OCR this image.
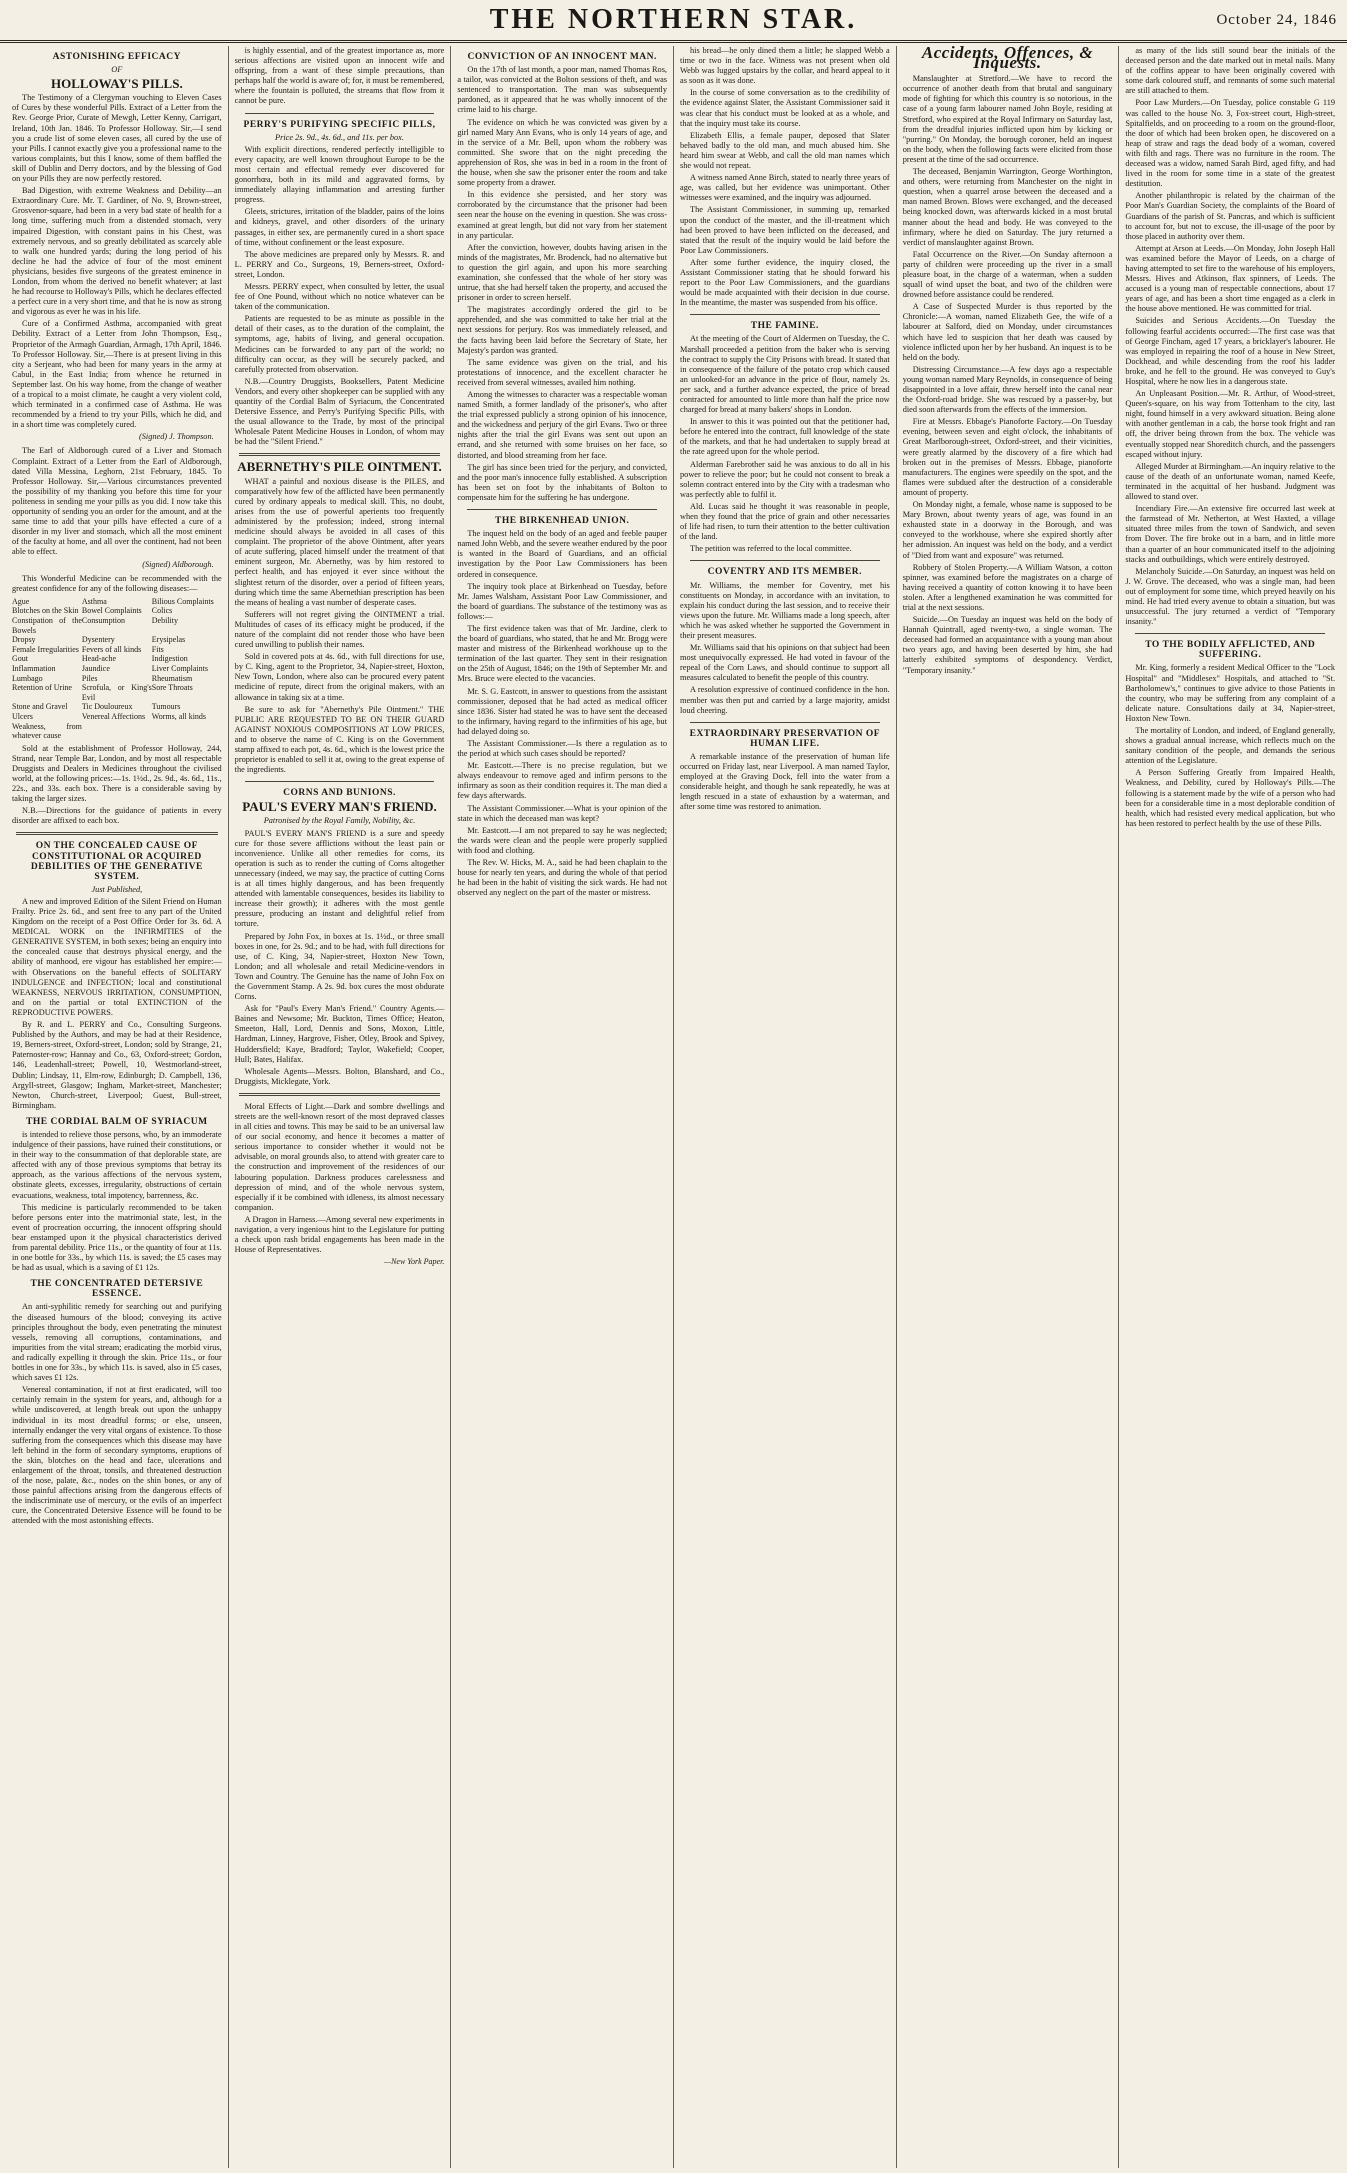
THE NORTHERN STAR.	October 24, 1846
ASTONISHING EFFICACY
OF
HOLLOWAY'S PILLS.

The Testimony of a Clergyman vouching to Eleven Cases of Cures by these wonderful Pills. Extract of a Letter from the Rev. George Prior, Curate of Mewgh, Letter Kenny, Carrigart, Ireland, 10th Jan. 1846. To Professor Holloway. Sir,—I send you a crude list of some eleven cases, all cured by the use of your Pills. I cannot exactly give you a professional name to the various complaints, but this I know, some of them baffled the skill of Dublin and Derry doctors, and by the blessing of God on your Pills they are now perfectly restored.

Bad Digestion, with extreme Weakness and Debility—an Extraordinary Cure. Mr. T. Gardiner, of No. 9, Brown-street, Grosvenor-square, had been in a very bad state of health for a long time, suffering much from a distended stomach, very impaired Digestion, with constant pains in his Chest, was extremely nervous, and so greatly debilitated as scarcely able to walk one hundred yards; during the long period of his decline he had the advice of four of the most eminent physicians, besides five surgeons of the greatest eminence in London, from whom the derived no benefit whatever; at last he had recourse to Holloway's Pills, which he declares effected a perfect cure in a very short time, and that he is now as strong and vigorous as ever he was in his life.

Cure of a Confirmed Asthma, accompanied with great Debility. Extract of a Letter from John Thompson, Esq., Proprietor of the Armagh Guardian, Armagh, 17th April, 1846. To Professor Holloway. Sir,—There is at present living in this city a Serjeant, who had been for many years in the army at Cabul, in the East India; from whence he returned in September last. On his way home, from the change of weather of a tropical to a moist climate, he caught a very violent cold, which terminated in a confirmed case of Asthma. He was recommended by a friend to try your Pills, which he did, and in a short time was completely cured.

(Signed) J. Thompson.

The Earl of Aldborough cured of a Liver and Stomach Complaint. Extract of a Letter from the Earl of Aldborough, dated Villa Messina, Leghorn, 21st February, 1845. To Professor Holloway. Sir,—Various circumstances prevented the possibility of my thanking you before this time for your politeness in sending me your pills as you did. I now take this opportunity of sending you an order for the amount, and at the same time to add that your pills have effected a cure of a disorder in my liver and stomach, which all the most eminent of the faculty at home, and all over the continent, had not been able to effect.

(Signed) Aldborough.

This Wonderful Medicine can be recommended with the greatest confidence for any of the following diseases:—

Ague	Asthma	Bilious Complaints
Blotches on the Skin Bowel Complaints	Colics
Constipation of the Bowels
Consumption	Debility
Dropsy	Dysentery	Erysipelas
Female Irregularities Fevers of all kinds	Fits
Gout	Head-ache	Indigestion
Inflammation	Jaundice	Liver Complaints
Lumbago	Piles	Rheumatism
Retention of Urine	Scrofula, or King's Evil
Sore Throats
Stone and Gravel	Tic Douloureux	Tumours
Ulcers	Venereal Affections Worms, all kinds
Weakness, from whatever cause

Sold at the establishment of Professor Holloway, 244, Strand, near Temple Bar, London, and by most all respectable Druggists and Dealers in Medicines throughout the civilised world, at the following prices:—1s. 1½d., 2s. 9d., 4s. 6d., 11s., 22s., and 33s. each box. There is a considerable saving by taking the larger sizes.

N.B.—Directions for the guidance of patients in every disorder are affixed to each box.

ON THE CONCEALED CAUSE OF CONSTITUTIONAL OR ACQUIRED DEBILITIES OF THE GENERATIVE SYSTEM.
Just Published,

A new and improved Edition of the Silent Friend on Human Frailty. Price 2s. 6d., and sent free to any part of the United Kingdom on the receipt of a Post Office Order for 3s. 6d. A MEDICAL WORK on the INFIRMITIES of the GENERATIVE SYSTEM, in both sexes; being an enquiry into the concealed cause that destroys physical energy, and the ability of manhood, ere vigour has established her empire:—with Observations on the baneful effects of SOLITARY INDULGENCE and INFECTION; local and constitutional WEAKNESS, NERVOUS IRRITATION, CONSUMPTION, and on the partial or total EXTINCTION of the REPRODUCTIVE POWERS.

By R. and L. PERRY and Co., Consulting Surgeons. Published by the Authors, and may be had at their Residence, 19, Berners-street, Oxford-street, London; sold by Strange, 21, Paternoster-row; Hannay and Co., 63, Oxford-street; Gordon, 146, Leadenhall-street; Powell, 10, Westmorland-street, Dublin; Lindsay, 11, Elm-row, Edinburgh; D. Campbell, 136, Argyll-street, Glasgow; Ingham, Market-street, Manchester; Newton, Church-street, Liverpool; Guest, Bull-street, Birmingham.

THE CORDIAL BALM OF SYRIACUM

is intended to relieve those persons, who, by an immoderate indulgence of their passions, have ruined their constitutions, or in their way to the consummation of that deplorable state, are affected with any of those previous symptoms that betray its approach, as the various affections of the nervous system, obstinate gleets, excesses, irregularity, obstructions of certain evacuations, weakness, total impotency, barrenness, &c.

This medicine is particularly recommended to be taken before persons enter into the matrimonial state, lest, in the event of procreation occurring, the innocent offspring should bear enstamped upon it the physical characteristics derived from parental debility. Price 11s., or the quantity of four at 11s. in one bottle for 33s., by which 11s. is saved; the £5 cases may be had as usual, which is a saving of £1 12s.

THE CONCENTRATED DETERSIVE ESSENCE.

An anti-syphilitic remedy for searching out and purifying the diseased humours of the blood; conveying its active principles throughout the body, even penetrating the minutest vessels, removing all corruptions, contaminations, and impurities from the vital stream; eradicating the morbid virus, and radically expelling it through the skin. Price 11s., or four bottles in one for 33s., by which 11s. is saved, also in £5 cases, which saves £1 12s.

Venereal contamination, if not at first eradicated, will too certainly remain in the system for years, and, although for a while undiscovered, at length break out upon the unhappy individual in its most dreadful forms; or else, unseen, internally endanger the very vital organs of existence. To those suffering from the consequences which this disease may have left behind in the form of secondary symptoms, eruptions of the skin, blotches on the head and face, ulcerations and enlargement of the throat, tonsils, and threatened destruction of the nose, palate, &c., nodes on the shin bones, or any of those painful affections arising from the dangerous effects of the indiscriminate use of mercury, or the evils of an imperfect cure, the Concentrated Detersive Essence will be found to be attended with the most astonishing effects.

is highly essential, and of the greatest importance as, more serious affections are visited upon an innocent wife and offspring, from a want of these simple precautions, than perhaps half the world is aware of; for, it must be remembered, where the fountain is polluted, the streams that flow from it cannot be pure.

PERRY'S PURIFYING SPECIFIC PILLS,
Price 2s. 9d., 4s. 6d., and 11s. per box.

With explicit directions, rendered perfectly intelligible to every capacity, are well known throughout Europe to be the most certain and effectual remedy ever discovered for gonorrhœa, both in its mild and aggravated forms, by immediately allaying inflammation and arresting further progress.

Gleets, strictures, irritation of the bladder, pains of the loins and kidneys, gravel, and other disorders of the urinary passages, in either sex, are permanently cured in a short space of time, without confinement or the least exposure.

The above medicines are prepared only by Messrs. R. and L. PERRY and Co., Surgeons, 19, Berners-street, Oxford-street, London.

Messrs. PERRY expect, when consulted by letter, the usual fee of One Pound, without which no notice whatever can be taken of the communication.

Patients are requested to be as minute as possible in the detail of their cases, as to the duration of the complaint, the symptoms, age, habits of living, and general occupation. Medicines can be forwarded to any part of the world; no difficulty can occur, as they will be securely packed, and carefully protected from observation.

N.B.—Country Druggists, Booksellers, Patent Medicine Vendors, and every other shopkeeper can be supplied with any quantity of the Cordial Balm of Syriacum, the Concentrated Detersive Essence, and Perry's Purifying Specific Pills, with the usual allowance to the Trade, by most of the principal Wholesale Patent Medicine Houses in London, of whom may be had the "Silent Friend."

ABERNETHY'S PILE OINTMENT.

WHAT a painful and noxious disease is the PILES, and comparatively how few of the afflicted have been permanently cured by ordinary appeals to medical skill. This, no doubt, arises from the use of powerful aperients too frequently administered by the profession; indeed, strong internal medicine should always be avoided in all cases of this complaint. The proprietor of the above Ointment, after years of acute suffering, placed himself under the treatment of that eminent surgeon, Mr. Abernethy, was by him restored to perfect health, and has enjoyed it ever since without the slightest return of the disorder, over a period of fifteen years, during which time the same Abernethian prescription has been the means of healing a vast number of desperate cases.

Sufferers will not regret giving the OINTMENT a trial. Multitudes of cases of its efficacy might be produced, if the nature of the complaint did not render those who have been cured unwilling to publish their names.

Sold in covered pots at 4s. 6d., with full directions for use, by C. King, agent to the Proprietor, 34, Napier-street, Hoxton, New Town, London, where also can be procured every patent medicine of repute, direct from the original makers, with an allowance in taking six at a time.

Be sure to ask for "Abernethy's Pile Ointment." THE PUBLIC ARE REQUESTED TO BE ON THEIR GUARD AGAINST NOXIOUS COMPOSITIONS AT LOW PRICES, and to observe the name of C. King is on the Government stamp affixed to each pot, 4s. 6d., which is the lowest price the proprietor is enabled to sell it at, owing to the great expense of the ingredients.

CORNS AND BUNIONS.
PAUL'S EVERY MAN'S FRIEND.
Patronised by the Royal Family, Nobility, &c.

PAUL'S EVERY MAN'S FRIEND is a sure and speedy cure for those severe afflictions without the least pain or inconvenience. Unlike all other remedies for corns, its operation is such as to render the cutting of Corns altogether unnecessary (indeed, we may say, the practice of cutting Corns is at all times highly dangerous, and has been frequently attended with lamentable consequences, besides its liability to increase their growth); it adheres with the most gentle pressure, producing an instant and delightful relief from torture.

Prepared by John Fox, in boxes at 1s. 1½d., or three small boxes in one, for 2s. 9d.; and to be had, with full directions for use, of C. King, 34, Napier-street, Hoxton New Town, London; and all wholesale and retail Medicine-vendors in Town and Country. The Genuine has the name of John Fox on the Government Stamp. A 2s. 9d. box cures the most obdurate Corns.

Ask for "Paul's Every Man's Friend." Country Agents.—Baines and Newsome; Mr. Buckton, Times Office; Heaton, Smeeton, Hall, Lord, Dennis and Sons, Moxon, Little, Hardman, Linney, Hargrove, Fisher, Otley, Brook and Spivey, Huddersfield; Kaye, Bradford; Taylor, Wakefield; Cooper, Hull; Bates, Halifax.

Wholesale Agents—Messrs. Bolton, Blanshard, and Co., Druggists, Micklegate, York.

Moral Effects of Light.—Dark and sombre dwellings and streets are the well-known resort of the most depraved classes in all cities and towns. This may be said to be an universal law of our social economy, and hence it becomes a matter of serious importance to consider whether it would not be advisable, on moral grounds also, to attend with greater care to the construction and improvement of the residences of our labouring population. Darkness produces carelessness and depression of mind, and of the whole nervous system, especially if it be combined with idleness, its almost necessary companion.

A Dragon in Harness.—Among several new experiments in navigation, a very ingenious hint to the Legislature for putting a check upon rash bridal engagements has been made in the House of Representatives.

—New York Paper.
CONVICTION OF AN INNOCENT MAN.

On the 17th of last month, a poor man, named Thomas Ros, a tailor, was convicted at the Bolton sessions of theft, and was sentenced to transportation. The man was subsequently pardoned, as it appeared that he was wholly innocent of the crime laid to his charge.

The evidence on which he was convicted was given by a girl named Mary Ann Evans, who is only 14 years of age, and in the service of a Mr. Bell, upon whom the robbery was committed. She swore that on the night preceding the apprehension of Ros, she was in bed in a room in the front of the house, when she saw the prisoner enter the room and take some property from a drawer.

In this evidence she persisted, and her story was corroborated by the circumstance that the prisoner had been seen near the house on the evening in question. She was cross-examined at great length, but did not vary from her statement in any particular.

After the conviction, however, doubts having arisen in the minds of the magistrates, Mr. Brodenck, had no alternative but to question the girl again, and upon his more searching examination, she confessed that the whole of her story was untrue, that she had herself taken the property, and accused the prisoner in order to screen herself.

The magistrates accordingly ordered the girl to be apprehended, and she was committed to take her trial at the next sessions for perjury. Ros was immediately released, and the facts having been laid before the Secretary of State, her Majesty's pardon was granted.

The same evidence was given on the trial, and his protestations of innocence, and the excellent character he received from several witnesses, availed him nothing.

Among the witnesses to character was a respectable woman named Smith, a former landlady of the prisoner's, who after the trial expressed publicly a strong opinion of his innocence, and the wickedness and perjury of the girl Evans. Two or three nights after the trial the girl Evans was sent out upon an errand, and she returned with some bruises on her face, so distorted, and blood streaming from her face.

The girl has since been tried for the perjury, and convicted, and the poor man's innocence fully established. A subscription has been set on foot by the inhabitants of Bolton to compensate him for the suffering he has undergone.

THE BIRKENHEAD UNION.

The inquest held on the body of an aged and feeble pauper named John Webb, and the severe weather endured by the poor is wanted in the Board of Guardians, and an official investigation by the Poor Law Commissioners has been ordered in consequence.

The inquiry took place at Birkenhead on Tuesday, before Mr. James Walsham, Assistant Poor Law Commissioner, and the board of guardians. The substance of the testimony was as follows:—

The first evidence taken was that of Mr. Jardine, clerk to the board of guardians, who stated, that he and Mr. Brogg were master and mistress of the Birkenhead workhouse up to the termination of the last quarter. They sent in their resignation on the 25th of August, 1846; on the 19th of September Mr. and Mrs. Bruce were elected to the vacancies.

Mr. S. G. Eastcott, in answer to questions from the assistant commissioner, deposed that he had acted as medical officer since 1836. Sister had stated he was to have sent the deceased to the infirmary, having regard to the infirmities of his age, but had delayed doing so.

The Assistant Commissioner.—Is there a regulation as to the period at which such cases should be reported?

Mr. Eastcott.—There is no precise regulation, but we always endeavour to remove aged and infirm persons to the infirmary as soon as their condition requires it. The man died a few days afterwards.

The Assistant Commissioner.—What is your opinion of the state in which the deceased man was kept?

Mr. Eastcott.—I am not prepared to say he was neglected; the wards were clean and the people were properly supplied with food and clothing.

The Rev. W. Hicks, M. A., said he had been chaplain to the house for nearly ten years, and during the whole of that period he had been in the habit of visiting the sick wards. He had not observed any neglect on the part of the master or mistress.

his bread—he only dined them a little; he slapped Webb a time or two in the face. Witness was not present when old Webb was lugged upstairs by the collar, and heard appeal to it as soon as it was done.

In the course of some conversation as to the credibility of the evidence against Slater, the Assistant Commissioner said it was clear that his conduct must be looked at as a whole, and that the inquiry must take its course.

Elizabeth Ellis, a female pauper, deposed that Slater behaved badly to the old man, and much abused him. She heard him swear at Webb, and call the old man names which she would not repeat.

A witness named Anne Birch, stated to nearly three years of age, was called, but her evidence was unimportant. Other witnesses were examined, and the inquiry was adjourned.

The Assistant Commissioner, in summing up, remarked upon the conduct of the master, and the ill-treatment which had been proved to have been inflicted on the deceased, and stated that the result of the inquiry would be laid before the Poor Law Commissioners.

After some further evidence, the inquiry closed, the Assistant Commissioner stating that he should forward his report to the Poor Law Commissioners, and the guardians would be made acquainted with their decision in due course. In the meantime, the master was suspended from his office.

THE FAMINE.

At the meeting of the Court of Aldermen on Tuesday, the C. Marshall proceeded a petition from the baker who is serving the contract to supply the City Prisons with bread. It stated that in consequence of the failure of the potato crop which caused an unlooked-for an advance in the price of flour, namely 2s. per sack, and a further advance expected, the price of bread contracted for amounted to little more than half the price now charged for bread at many bakers' shops in London.

In answer to this it was pointed out that the petitioner had, before he entered into the contract, full knowledge of the state of the markets, and that he had undertaken to supply bread at the rate agreed upon for the whole period.

Alderman Farebrother said he was anxious to do all in his power to relieve the poor; but he could not consent to break a solemn contract entered into by the City with a tradesman who was perfectly able to fulfil it.

Ald. Lucas said he thought it was reasonable in people, when they found that the price of grain and other necessaries of life had risen, to turn their attention to the better cultivation of the land.

The petition was referred to the local committee.

COVENTRY AND ITS MEMBER.

Mr. Williams, the member for Coventry, met his constituents on Monday, in accordance with an invitation, to explain his conduct during the last session, and to receive their views upon the future. Mr. Williams made a long speech, after which he was asked whether he supported the Government in their present measures.

Mr. Williams said that his opinions on that subject had been most unequivocally expressed. He had voted in favour of the repeal of the Corn Laws, and should continue to support all measures calculated to benefit the people of this country.

A resolution expressive of continued confidence in the hon. member was then put and carried by a large majority, amidst loud cheering.

EXTRAORDINARY PRESERVATION OF HUMAN LIFE.

A remarkable instance of the preservation of human life occurred on Friday last, near Liverpool. A man named Taylor, employed at the Graving Dock, fell into the water from a considerable height, and though he sank repeatedly, he was at length rescued in a state of exhaustion by a waterman, and after some time was restored to animation.

Accidents, Offences, & Inquests.

Manslaughter at Stretford.—We have to record the occurrence of another death from that brutal and sanguinary mode of fighting for which this country is so notorious, in the case of a young farm labourer named John Boyle, residing at Stretford, who expired at the Royal Infirmary on Saturday last, from the dreadful injuries inflicted upon him by kicking or "purring." On Monday, the borough coroner, held an inquest on the body, when the following facts were elicited from those present at the time of the sad occurrence.

The deceased, Benjamin Warrington, George Worthington, and others, were returning from Manchester on the night in question, when a quarrel arose between the deceased and a man named Brown. Blows were exchanged, and the deceased being knocked down, was afterwards kicked in a most brutal manner about the head and body. He was conveyed to the infirmary, where he died on Saturday. The jury returned a verdict of manslaughter against Brown.

Fatal Occurrence on the River.—On Sunday afternoon a party of children were proceeding up the river in a small pleasure boat, in the charge of a waterman, when a sudden squall of wind upset the boat, and two of the children were drowned before assistance could be rendered.

A Case of Suspected Murder is thus reported by the Chronicle:—A woman, named Elizabeth Gee, the wife of a labourer at Salford, died on Monday, under circumstances which have led to suspicion that her death was caused by violence inflicted upon her by her husband. An inquest is to be held on the body.

Distressing Circumstance.—A few days ago a respectable young woman named Mary Reynolds, in consequence of being disappointed in a love affair, threw herself into the canal near the Oxford-road bridge. She was rescued by a passer-by, but died soon afterwards from the effects of the immersion.

Fire at Messrs. Ebbage's Pianoforte Factory.—On Tuesday evening, between seven and eight o'clock, the inhabitants of Great Marlborough-street, Oxford-street, and their vicinities, were greatly alarmed by the discovery of a fire which had broken out in the premises of Messrs. Ebbage, pianoforte manufacturers. The engines were speedily on the spot, and the flames were subdued after the destruction of a considerable amount of property.

On Monday night, a female, whose name is supposed to be Mary Brown, about twenty years of age, was found in an exhausted state in a doorway in the Borough, and was conveyed to the workhouse, where she expired shortly after her admission. An inquest was held on the body, and a verdict of "Died from want and exposure" was returned.

Robbery of Stolen Property.—A William Watson, a cotton spinner, was examined before the magistrates on a charge of having received a quantity of cotton knowing it to have been stolen. After a lengthened examination he was committed for trial at the next sessions.

Suicide.—On Tuesday an inquest was held on the body of Hannah Quintrall, aged twenty-two, a single woman. The deceased had formed an acquaintance with a young man about two years ago, and having been deserted by him, she had latterly exhibited symptoms of despondency. Verdict, "Temporary insanity."

as many of the lids still sound bear the initials of the deceased person and the date marked out in metal nails. Many of the coffins appear to have been originally covered with some dark coloured stuff, and remnants of some such material are still attached to them.

Poor Law Murders.—On Tuesday, police constable G 119 was called to the house No. 3, Fox-street court, High-street, Spitalfields, and on proceeding to a room on the ground-floor, the door of which had been broken open, he discovered on a heap of straw and rags the dead body of a woman, covered with filth and rags. There was no furniture in the room. The deceased was a widow, named Sarah Bird, aged fifty, and had lived in the room for some time in a state of the greatest destitution.

Another philanthropic is related by the chairman of the Poor Man's Guardian Society, the complaints of the Board of Guardians of the parish of St. Pancras, and which is sufficient to account for, but not to excuse, the ill-usage of the poor by those placed in authority over them.

Attempt at Arson at Leeds.—On Monday, John Joseph Hall was examined before the Mayor of Leeds, on a charge of having attempted to set fire to the warehouse of his employers, Messrs. Hives and Atkinson, flax spinners, of Leeds. The accused is a young man of respectable connections, about 17 years of age, and has been a short time engaged as a clerk in the house above mentioned. He was committed for trial.

Suicides and Serious Accidents.—On Tuesday the following fearful accidents occurred:—The first case was that of George Fincham, aged 17 years, a bricklayer's labourer. He was employed in repairing the roof of a house in New Street, Dockhead, and while descending from the roof his ladder broke, and he fell to the ground. He was conveyed to Guy's Hospital, where he now lies in a dangerous state.

An Unpleasant Position.—Mr. R. Arthur, of Wood-street, Queen's-square, on his way from Tottenham to the city, last night, found himself in a very awkward situation. Being alone with another gentleman in a cab, the horse took fright and ran off, the driver being thrown from the box. The vehicle was eventually stopped near Shoreditch church, and the passengers escaped without injury.

Alleged Murder at Birmingham.—An inquiry relative to the cause of the death of an unfortunate woman, named Keefe, terminated in the acquittal of her husband. Judgment was allowed to stand over.

Incendiary Fire.—An extensive fire occurred last week at the farmstead of Mr. Netherton, at West Haxted, a village situated three miles from the town of Sandwich, and seven from Dover. The fire broke out in a barn, and in little more than a quarter of an hour communicated itself to the adjoining stacks and outbuildings, which were entirely destroyed.

Melancholy Suicide.—On Saturday, an inquest was held on J. W. Grove. The deceased, who was a single man, had been out of employment for some time, which preyed heavily on his mind. He had tried every avenue to obtain a situation, but was unsuccessful. The jury returned a verdict of "Temporary insanity."

TO THE BODILY AFFLICTED, AND SUFFERING.

Mr. King, formerly a resident Medical Officer to the "Lock Hospital" and "Middlesex" Hospitals, and attached to "St. Bartholomew's," continues to give advice to those Patients in the country, who may be suffering from any complaint of a delicate nature. Consultations daily at 34, Napier-street, Hoxton New Town.

The mortality of London, and indeed, of England generally, shows a gradual annual increase, which reflects much on the sanitary condition of the people, and demands the serious attention of the Legislature.

A Person Suffering Greatly from Impaired Health, Weakness, and Debility, cured by Holloway's Pills.—The following is a statement made by the wife of a person who had been for a considerable time in a most deplorable condition of health, which had resisted every medical application, but who has been restored to perfect health by the use of these Pills.
